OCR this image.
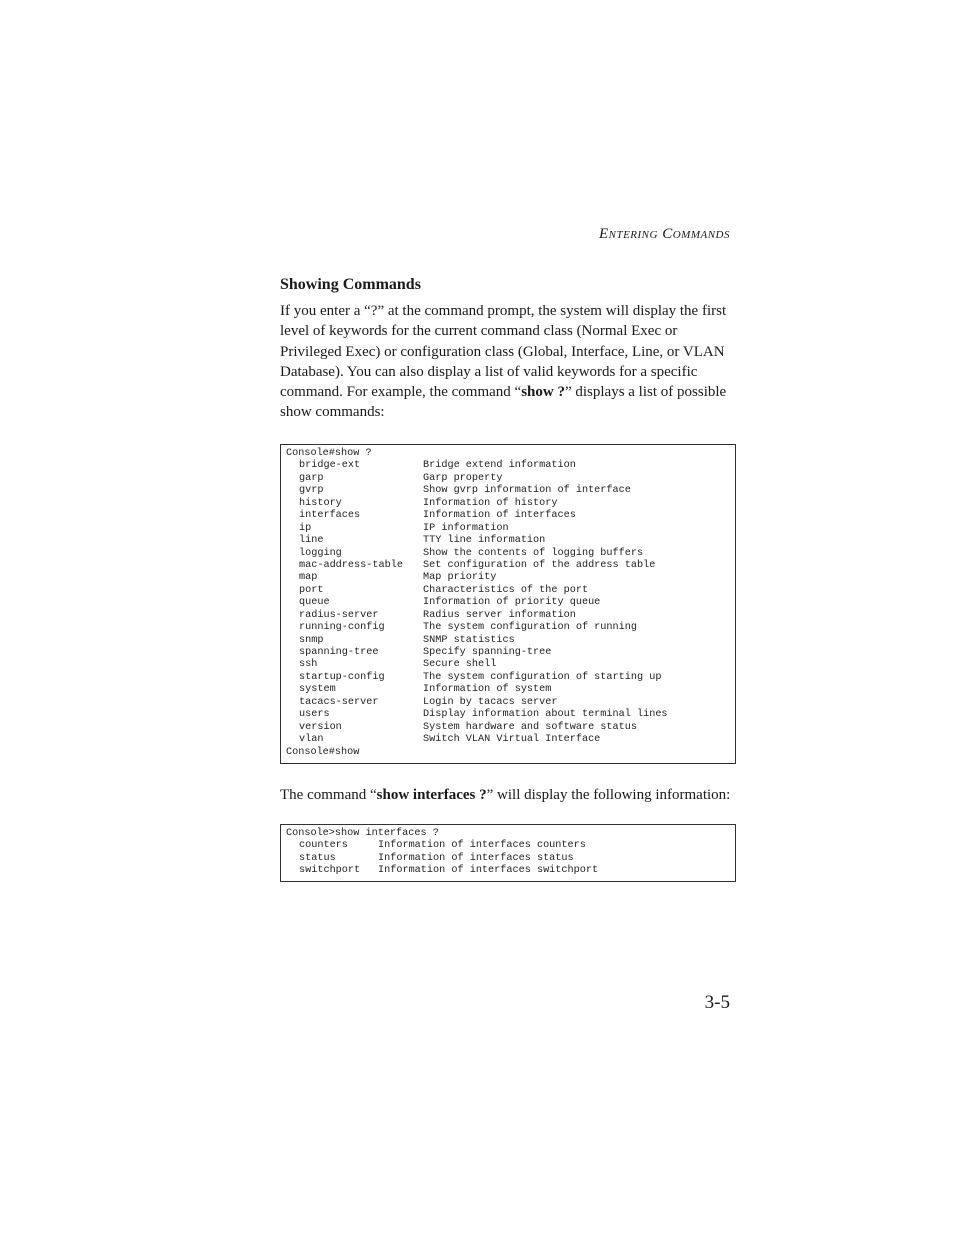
ENTERING COMMANDS
Showing Commands

If you enter a “?” at the command prompt, the system will display the first level of keywords for the current command class (Normal Exec or Privileged Exec) or configuration class (Global, Interface, Line, or VLAN Database). You can also display a list of valid keywords for a specific command. For example, the command “show ?” displays a list of possible show commands:

Console#show ?
bridge-ext	Bridge extend information
garp	Garp property
gvrp	Show gvrp information of interface
history	Information of history
interfaces	Information of interfaces
ip	IP information
line	TTY line information
logging	Show the contents of logging buffers
mac-address-table Set configuration of the address table
map	Map priority
port	Characteristics of the port
queue	Information of priority queue
radius-server	Radius server information
running-config	The system configuration of running
snmp	SNMP statistics
spanning-tree	Specify spanning-tree
ssh	Secure shell
startup-config	The system configuration of starting up
system	Information of system
tacacs-server	Login by tacacs server
users	Display information about terminal lines
version	System hardware and software status
vlan	Switch VLAN Virtual Interface
Console#show

The command “show interfaces ?” will display the following information:

Console>show interfaces ?
counters	Information of interfaces counters
status	Information of interfaces status
switchport Information of interfaces switchport
3-5
